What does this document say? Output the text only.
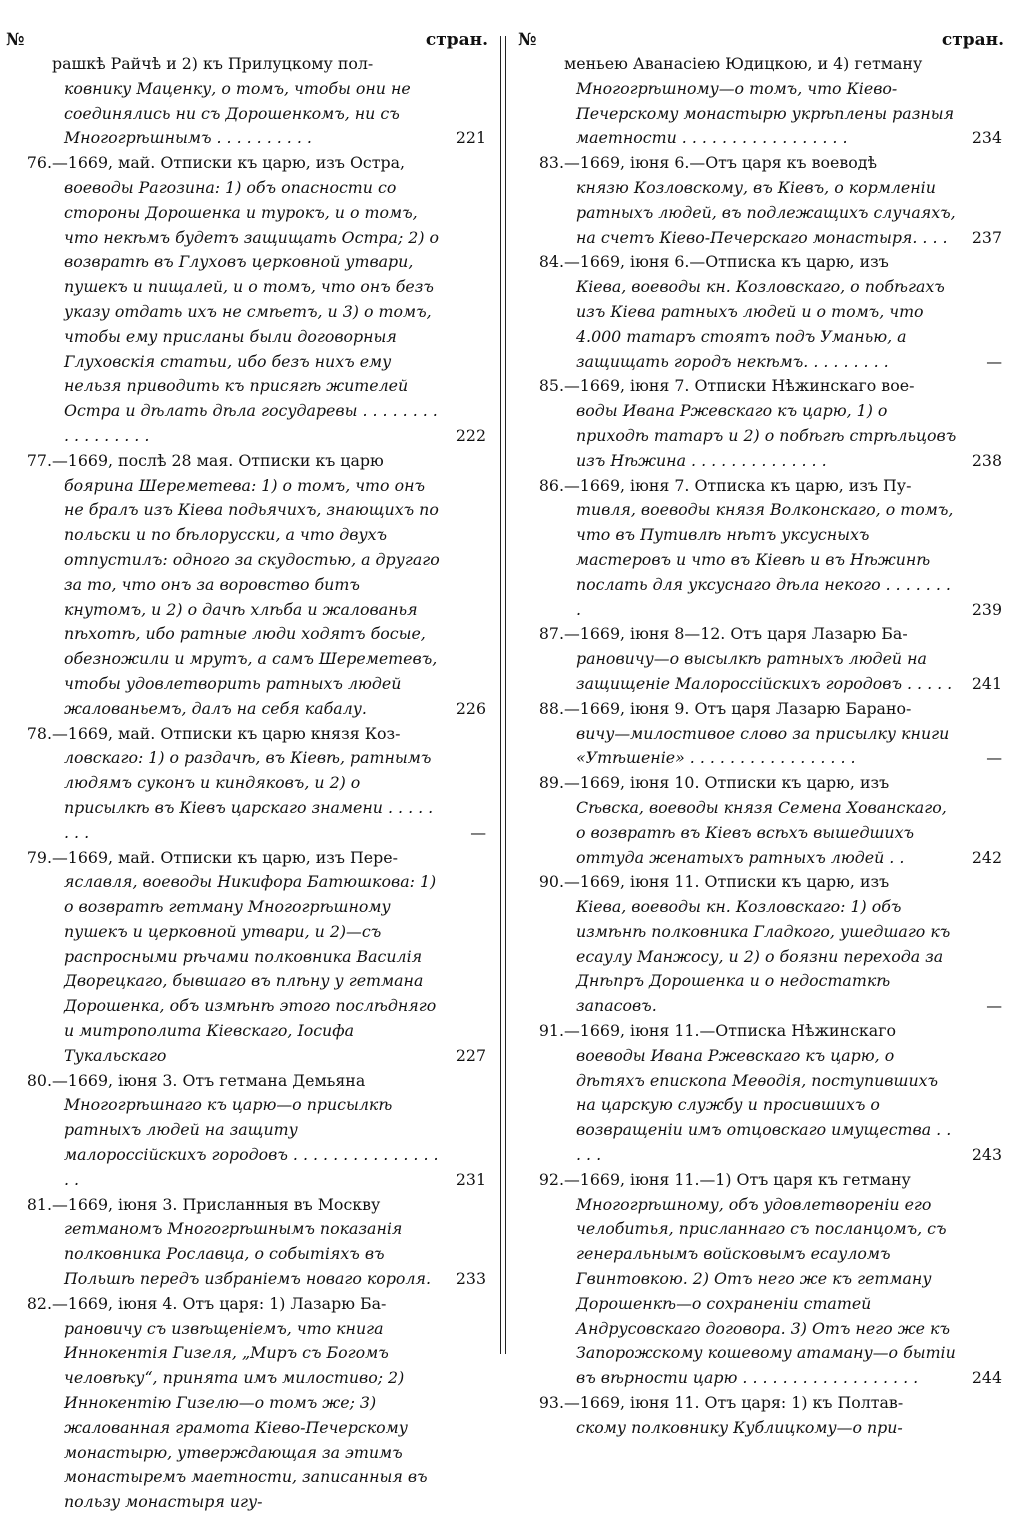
№	стран.
рашкѣ Райчѣ и 2) къ Прилуцкому пол-
ковнику Маценку, о томъ, чтобы они не соединялись ни съ Дорошенкомъ, ни съ Многогрѣшнымъ . . . . . . . . . .	221
76.—1669, май. Отписки къ царю, изъ Остра,
воеводы Рагозина: 1) объ опасности со стороны Дорошенка и турокъ, и о томъ, что некѣмъ будетъ защищать Остра; 2) о возвратѣ въ Глуховъ церковной утвари, пушекъ и пищалей, и о томъ, что онъ безъ указу отдать ихъ не смѣетъ, и 3) о томъ, чтобы ему присланы были договорныя Глуховскія статьи, ибо безъ нихъ ему нельзя приводить къ присягѣ жителей Остра и дѣлать дѣла государевы . . . . . . . . . . . . . . . . .	222
77.—1669, послѣ 28 мая. Отписки къ царю
боярина Шереметева: 1) о томъ, что онъ не бралъ изъ Кіева подьячихъ, знающихъ по польски и по бѣлорусски, а что двухъ отпустилъ: одного за скудостью, а другаго за то, что онъ за воровство битъ кнутомъ, и 2) о дачѣ хлѣба и жалованья пѣхотѣ, ибо ратные люди ходятъ босые, обезножили и мрутъ, а самъ Шереметевъ, чтобы удовлетворить ратныхъ людей жалованьемъ, далъ на себя кабалу.	226
78.—1669, май. Отписки къ царю князя Коз-
ловскаго: 1) о раздачѣ, въ Кіевѣ, ратнымъ людямъ суконъ и киндяковъ, и 2) о присылкѣ въ Кіевъ царскаго знамени . . . . . . . .	—
79.—1669, май. Отписки къ царю, изъ Пере-
яславля, воеводы Никифора Батюшкова: 1) о возвратѣ гетману Многогрѣшному пушекъ и церковной утвари, и 2)—съ распросными рѣчами полковника Василія Дворецкаго, бывшаго въ плѣну у гетмана Дорошенка, объ измѣнѣ этого послѣдняго и митрополита Кіевскаго, Іосифа Тукальскаго	227
80.—1669, іюня 3. Отъ гетмана Демьяна
Многогрѣшнаго къ царю—о присылкѣ ратныхъ людей на защиту малороссійскихъ городовъ . . . . . . . . . . . . . . . . .	231
81.—1669, іюня 3. Присланныя въ Москву
гетманомъ Многогрѣшнымъ показанія полковника Рославца, о событіяхъ въ Польшѣ передъ избраніемъ новаго короля.	233
82.—1669, іюня 4. Отъ царя: 1) Лазарю Ба-
рановичу съ извѣщеніемъ, что книга Иннокентія Гизеля, „Миръ съ Богомъ человѣку“, принята имъ милостиво; 2) Иннокентію Гизелю—о томъ же; 3) жалованная грамота Кіево-Печерскому монастырю, утверждающая за этимъ монастыремъ маетности, записанныя въ пользу монастыря игу-
№	стран.
меньею Аванасіею Юдицкою, и 4) гетману
Многогрѣшному—о томъ, что Кіево-Печерскому монастырю укрѣплены разныя маетности . . . . . . . . . . . . . . . . .	234
83.—1669, іюня 6.—Отъ царя къ воеводѣ
князю Козловскому, въ Кіевъ, о кормленіи ратныхъ людей, въ подлежащихъ случаяхъ, на счетъ Кіево-Печерскаго монастыря. . . .	237
84.—1669, іюня 6.—Отписка къ царю, изъ
Кіева, воеводы кн. Козловскаго, о побѣгахъ изъ Кіева ратныхъ людей и о томъ, что 4.000 татаръ стоятъ подъ Уманью, а защищать городъ некѣмъ. . . . . . . . .	—
85.—1669, іюня 7. Отписки Нѣжинскаго вое-
воды Ивана Ржевскаго къ царю, 1) о приходѣ татаръ и 2) о побѣгѣ стрѣльцовъ изъ Нѣжина . . . . . . . . . . . . . .	238
86.—1669, іюня 7. Отписка къ царю, изъ Пу-
тивля, воеводы князя Волконскаго, о томъ, что въ Путивлѣ нѣтъ уксусныхъ мастеровъ и что въ Кіевѣ и въ Нѣжинѣ послать для уксуснаго дѣла некого . . . . . . . .	239
87.—1669, іюня 8—12. Отъ царя Лазарю Ба-
рановичу—о высылкѣ ратныхъ людей на защищеніе Малороссійскихъ городовъ . . . . .	241
88.—1669, іюня 9. Отъ царя Лазарю Барано-
вичу—милостивое слово за присылку книги «Утѣшеніе» . . . . . . . . . . . . . . . . .	—
89.—1669, іюня 10. Отписки къ царю, изъ
Сѣвска, воеводы князя Семена Хованскаго, о возвратѣ въ Кіевъ всѣхъ вышедшихъ оттуда женатыхъ ратныхъ людей . .	242
90.—1669, іюня 11. Отписки къ царю, изъ
Кіева, воеводы кн. Козловскаго: 1) объ измѣнѣ полковника Гладкого, ушедшаго къ есаулу Манжосу, и 2) о боязни перехода за Днѣпръ Дорошенка и о недостаткѣ запасовъ.	—
91.—1669, іюня 11.—Отписка Нѣжинскаго
воеводы Ивана Ржевскаго къ царю, о дѣтяхъ епископа Меѳодія, поступившихъ на царскую службу и просившихъ о возвращеніи имъ отцовскаго имущества . . . . .	243
92.—1669, іюня 11.—1) Отъ царя къ гетману
Многогрѣшному, объ удовлетвореніи его челобитья, присланнаго съ посланцомъ, съ генеральнымъ войсковымъ есауломъ Гвинтовкою. 2) Отъ него же къ гетману Дорошенкѣ—о сохраненіи статей Андрусовскаго договора. 3) Отъ него же къ Запорожскому кошевому атаману—о бытіи въ вѣрности царю . . . . . . . . . . . . . . . . . .	244
93.—1669, іюня 11. Отъ царя: 1) къ Полтав-
скому полковнику Кублицкому—о при-
